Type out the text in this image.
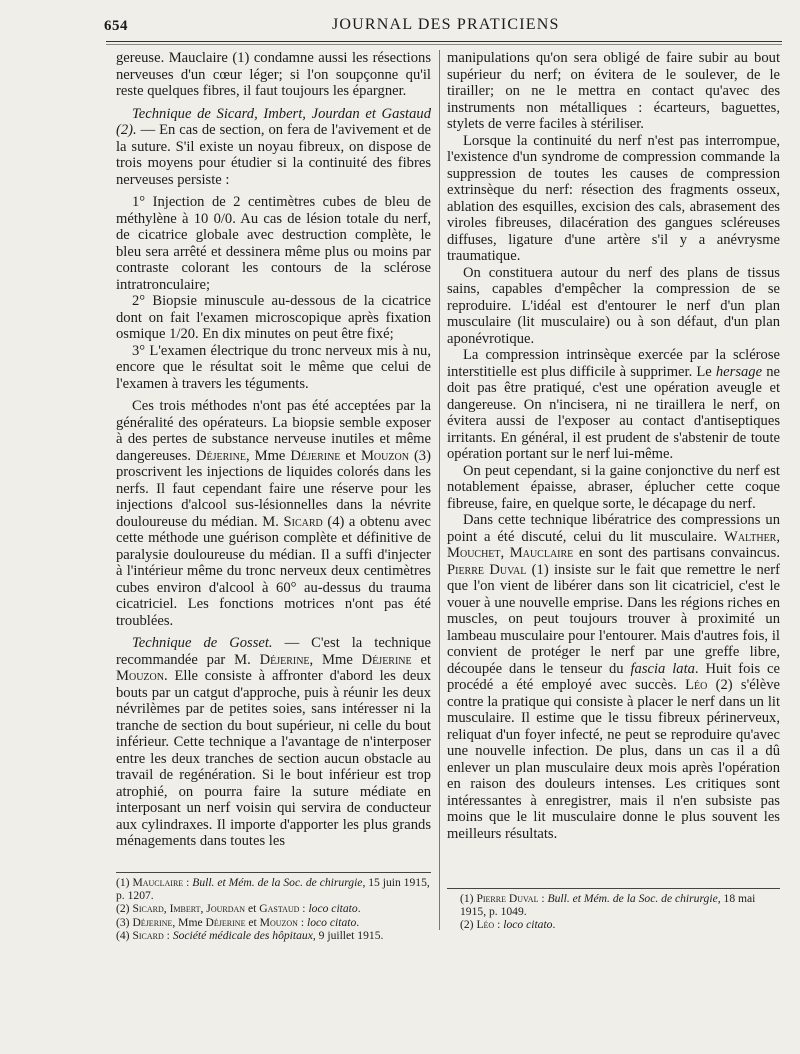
654	JOURNAL DES PRATICIENS

gereuse. Mauclaire (1) condamne aussi les résections nerveuses d'un cœur léger; si l'on soupçonne qu'il reste quelques fibres, il faut toujours les épargner.

Technique de Sicard, Imbert, Jourdan et Gastaud (2). — En cas de section, on fera de l'avivement et de la suture. S'il existe un noyau fibreux, on dispose de trois moyens pour étudier si la continuité des fibres nerveuses persiste :

1° Injection de 2 centimètres cubes de bleu de méthylène à 10 0/0. Au cas de lésion totale du nerf, de cicatrice globale avec destruction complète, le bleu sera arrêté et dessinera même plus ou moins par contraste colorant les contours de la sclérose intratronculaire;

2° Biopsie minuscule au-dessous de la cicatrice dont on fait l'examen microscopique après fixation osmique 1/20. En dix minutes on peut être fixé;

3° L'examen électrique du tronc nerveux mis à nu, encore que le résultat soit le même que celui de l'examen à travers les téguments.

Ces trois méthodes n'ont pas été acceptées par la généralité des opérateurs. La biopsie semble exposer à des pertes de substance nerveuse inutiles et même dangereuses. Déjerine, Mme Déjerine et Mouzon (3) proscrivent les injections de liquides colorés dans les nerfs. Il faut cependant faire une réserve pour les injections d'alcool sus-lésionnelles dans la névrite douloureuse du médian. M. Sicard (4) a obtenu avec cette méthode une guérison complète et définitive de paralysie douloureuse du médian. Il a suffi d'injecter à l'intérieur même du tronc nerveux deux centimètres cubes environ d'alcool à 60° au-dessus du trauma cicatriciel. Les fonctions motrices n'ont pas été troublées.

Technique de Gosset. — C'est la technique recommandée par M. Déjerine, Mme Déjerine et Mouzon. Elle consiste à affronter d'abord les deux bouts par un catgut d'approche, puis à réunir les deux névrilèmes par de petites soies, sans intéresser ni la tranche de section du bout supérieur, ni celle du bout inférieur. Cette technique a l'avantage de n'interposer entre les deux tranches de section aucun obstacle au travail de regénération. Si le bout inférieur est trop atrophié, on pourra faire la suture médiate en interposant un nerf voisin qui servira de conducteur aux cylindraxes. Il importe d'apporter les plus grands ménagements dans toutes les

manipulations qu'on sera obligé de faire subir au bout supérieur du nerf; on évitera de le soulever, de le tirailler; on ne le mettra en contact qu'avec des instruments non métalliques : écarteurs, baguettes, stylets de verre faciles à stériliser.

Lorsque la continuité du nerf n'est pas interrompue, l'existence d'un syndrome de compression commande la suppression de toutes les causes de compression extrinsèque du nerf: résection des fragments osseux, ablation des esquilles, excision des cals, abrasement des viroles fibreuses, dilacération des gangues scléreuses diffuses, ligature d'une artère s'il y a anévrysme traumatique.

On constituera autour du nerf des plans de tissus sains, capables d'empêcher la compression de se reproduire. L'idéal est d'entourer le nerf d'un plan musculaire (lit musculaire) ou à son défaut, d'un plan aponévrotique.

La compression intrinsèque exercée par la sclérose interstitielle est plus difficile à supprimer. Le hersage ne doit pas être pratiqué, c'est une opération aveugle et dangereuse. On n'incisera, ni ne tiraillera le nerf, on évitera aussi de l'exposer au contact d'antiseptiques irritants. En général, il est prudent de s'abstenir de toute opération portant sur le nerf lui-même.

On peut cependant, si la gaine conjonctive du nerf est notablement épaisse, abraser, éplucher cette coque fibreuse, faire, en quelque sorte, le décapage du nerf.

Dans cette technique libératrice des compressions un point a été discuté, celui du lit musculaire. Walther, Mouchet, Mauclaire en sont des partisans convaincus. Pierre Duval (1) insiste sur le fait que remettre le nerf que l'on vient de libérer dans son lit cicatriciel, c'est le vouer à une nouvelle emprise. Dans les régions riches en muscles, on peut toujours trouver à proximité un lambeau musculaire pour l'entourer. Mais d'autres fois, il convient de protéger le nerf par une greffe libre, découpée dans le tenseur du fascia lata. Huit fois ce procédé a été employé avec succès. Léo (2) s'élève contre la pratique qui consiste à placer le nerf dans un lit musculaire. Il estime que le tissu fibreux périnerveux, reliquat d'un foyer infecté, ne peut se reproduire qu'avec une nouvelle infection. De plus, dans un cas il a dû enlever un plan musculaire deux mois après l'opération en raison des douleurs intenses. Les critiques sont intéressantes à enregistrer, mais il n'en subsiste pas moins que le lit musculaire donne le plus souvent les meilleurs résultats.

(1) Mauclaire : Bull. et Mém. de la Soc. de chirurgie, 15 juin 1915, p. 1207.
(2) Sicard, Imbert, Jourdan et Gastaud : loco citato.
(3) Déjerine, Mme Déjerine et Mouzon : loco citato.
(4) Sicard : Société médicale des hôpitaux, 9 juillet 1915.
(1) Pierre Duval : Bull. et Mém. de la Soc. de chirurgie, 18 mai 1915, p. 1049.
(2) Léo : loco citato.
